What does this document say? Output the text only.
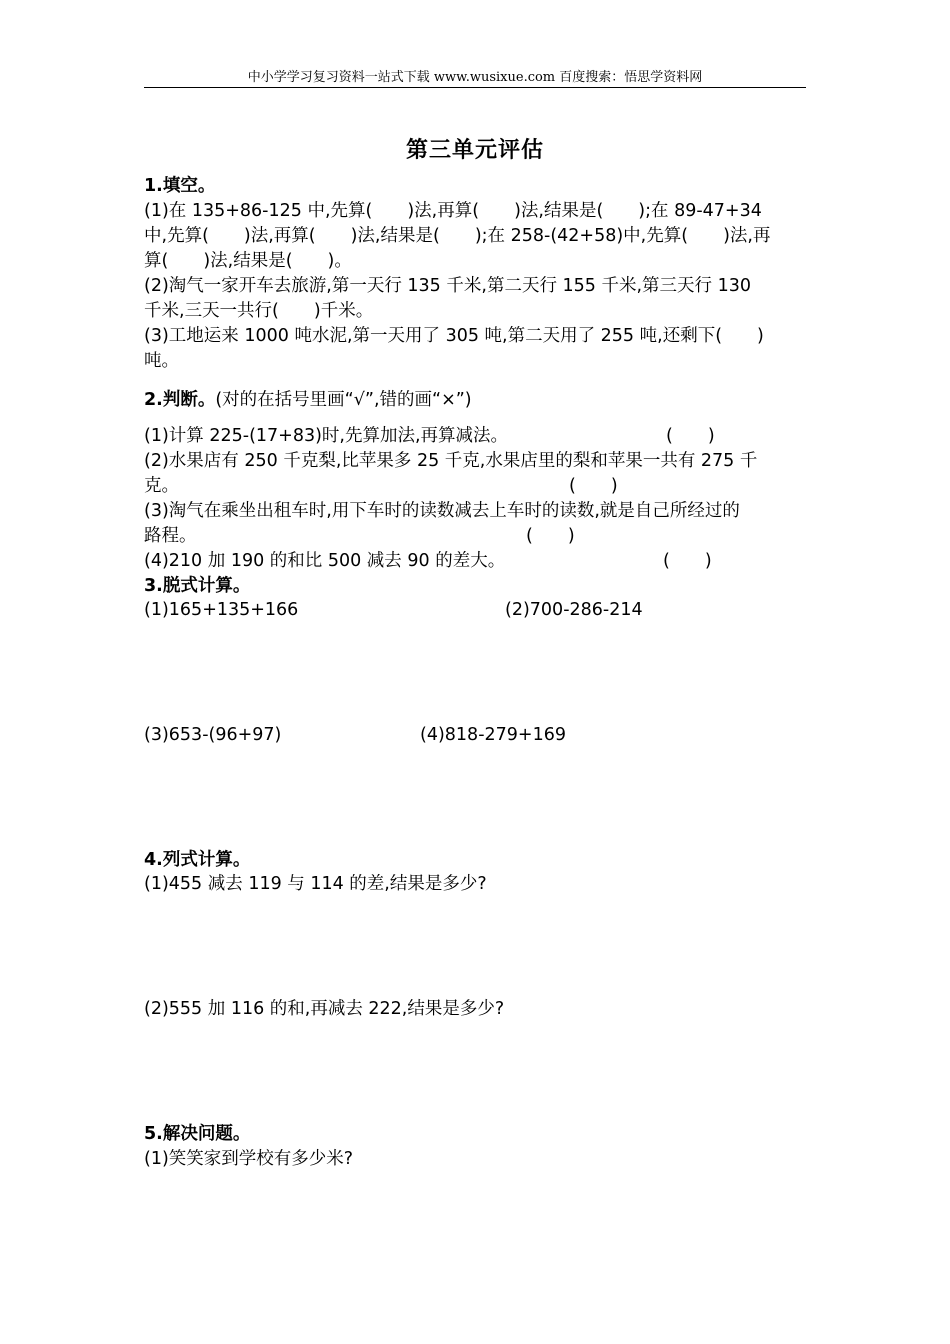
中小学学习复习资料一站式下载 www.wusixue.com 百度搜索：悟思学资料网
第三单元评估
1.填空。
(1)在 135+86-125 中,先算(　　)法,再算(　　)法,结果是(　　);在 89-47+34
中,先算(　　)法,再算(　　)法,结果是(　　);在 258-(42+58)中,先算(　　)法,再
算(　　)法,结果是(　　)。
(2)淘气一家开车去旅游,第一天行 135 千米,第二天行 155 千米,第三天行 130
千米,三天一共行(　　)千米。
(3)工地运来 1000 吨水泥,第一天用了 305 吨,第二天用了 255 吨,还剩下(　　)
吨。
2.判断。(对的在括号里画“√”,错的画“×”)
(1)计算 225-(17+83)时,先算加法,再算减法。	(　　)
(2)水果店有 250 千克梨,比苹果多 25 千克,水果店里的梨和苹果一共有 275 千
克。	(　　)
(3)淘气在乘坐出租车时,用下车时的读数减去上车时的读数,就是自己所经过的
路程。	(　　)
(4)210 加 190 的和比 500 减去 90 的差大。	(　　)
3.脱式计算。
(1)165+135+166	(2)700-286-214
(3)653-(96+97)	(4)818-279+169
4.列式计算。
(1)455 减去 119 与 114 的差,结果是多少?
(2)555 加 116 的和,再减去 222,结果是多少?
5.解决问题。
(1)笑笑家到学校有多少米?
